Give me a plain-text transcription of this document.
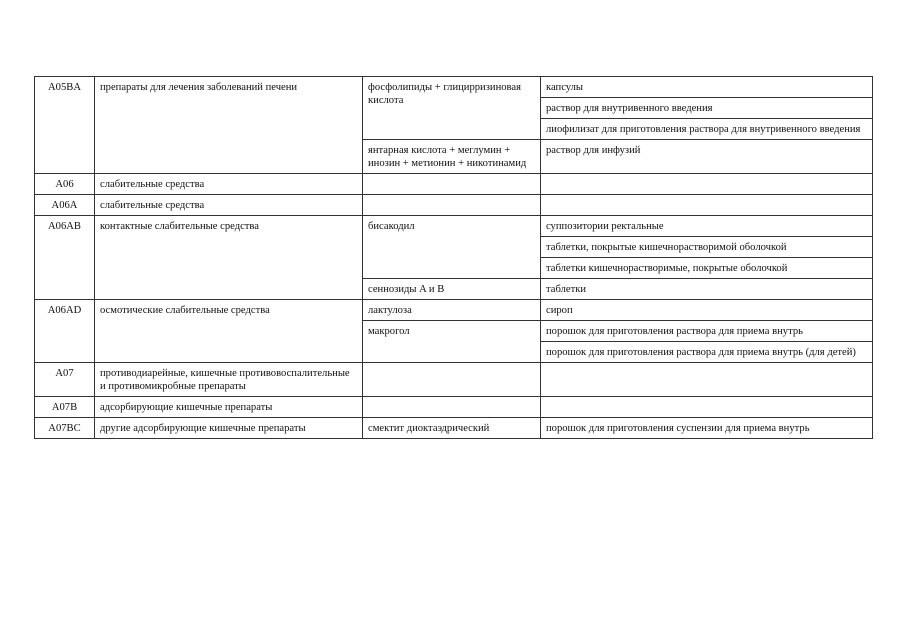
A05BA	препараты для лечения заболеваний печени	фосфолипиды + глицирризиновая кислота	капсулы
			раствор для внутривенного введения
			лиофилизат для приготовления раствора для внутривенного введения
		янтарная кислота + меглумин + инозин + метионин + никотинамид	раствор для инфузий
A06	слабительные средства		
A06A	слабительные средства		
A06AB	контактные слабительные средства	бисакодил	суппозитории ректальные
			таблетки, покрытые кишечнорастворимой оболочкой
			таблетки кишечнорастворимые, покрытые оболочкой
		сеннозиды A и B	таблетки
A06AD	осмотические слабительные средства	лактулоза	сироп
		макрогол	порошок для приготовления раствора для приема внутрь
			порошок для приготовления раствора для приема внутрь (для детей)
A07	противодиарейные, кишечные противовоспалительные и противомикробные препараты		
A07B	адсорбирующие кишечные препараты		
A07BC	другие адсорбирующие кишечные препараты	смектит диоктаэдрический	порошок для приготовления суспензии для приема внутрь
